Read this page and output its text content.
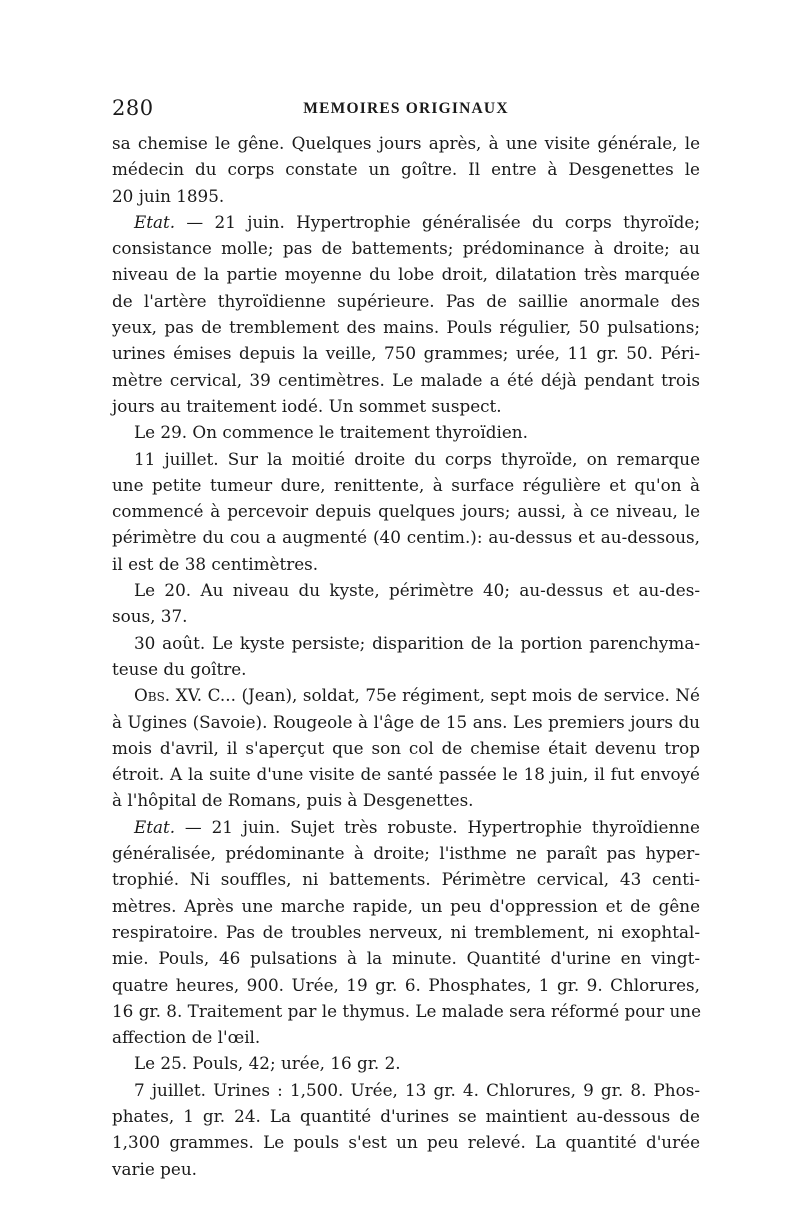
280	MEMOIRES ORIGINAUX
sa chemise le gêne. Quelques jours après, à une visite générale, le
médecin du corps constate un goître. Il entre à Desgenettes le
20 juin 1895.
Etat. — 21 juin. Hypertrophie généralisée du corps thyroïde;
consistance molle; pas de battements; prédominance à droite; au
niveau de la partie moyenne du lobe droit, dilatation très marquée
de l'artère thyroïdienne supérieure. Pas de saillie anormale des
yeux, pas de tremblement des mains. Pouls régulier, 50 pulsations;
urines émises depuis la veille, 750 grammes; urée, 11 gr. 50. Péri-
mètre cervical, 39 centimètres. Le malade a été déjà pendant trois
jours au traitement iodé. Un sommet suspect.
Le 29. On commence le traitement thyroïdien.
11 juillet. Sur la moitié droite du corps thyroïde, on remarque
une petite tumeur dure, renittente, à surface régulière et qu'on à
commencé à percevoir depuis quelques jours; aussi, à ce niveau, le
périmètre du cou a augmenté (40 centim.): au-dessus et au-dessous,
il est de 38 centimètres.
Le 20. Au niveau du kyste, périmètre 40; au-dessus et au-des-
sous, 37.
30 août. Le kyste persiste; disparition de la portion parenchyma-
teuse du goître.
Obs. XV. C... (Jean), soldat, 75e régiment, sept mois de service. Né
à Ugines (Savoie). Rougeole à l'âge de 15 ans. Les premiers jours du
mois d'avril, il s'aperçut que son col de chemise était devenu trop
étroit. A la suite d'une visite de santé passée le 18 juin, il fut envoyé
à l'hôpital de Romans, puis à Desgenettes.
Etat. — 21 juin. Sujet très robuste. Hypertrophie thyroïdienne
généralisée, prédominante à droite; l'isthme ne paraît pas hyper-
trophié. Ni souffles, ni battements. Périmètre cervical, 43 centi-
mètres. Après une marche rapide, un peu d'oppression et de gêne
respiratoire. Pas de troubles nerveux, ni tremblement, ni exophtal-
mie. Pouls, 46 pulsations à la minute. Quantité d'urine en vingt-
quatre heures, 900. Urée, 19 gr. 6. Phosphates, 1 gr. 9. Chlorures,
16 gr. 8. Traitement par le thymus. Le malade sera réformé pour une
affection de l'œil.
Le 25. Pouls, 42; urée, 16 gr. 2.
7 juillet. Urines : 1,500. Urée, 13 gr. 4. Chlorures, 9 gr. 8. Phos-
phates, 1 gr. 24. La quantité d'urines se maintient au-dessous de
1,300 grammes. Le pouls s'est un peu relevé. La quantité d'urée
varie peu.
